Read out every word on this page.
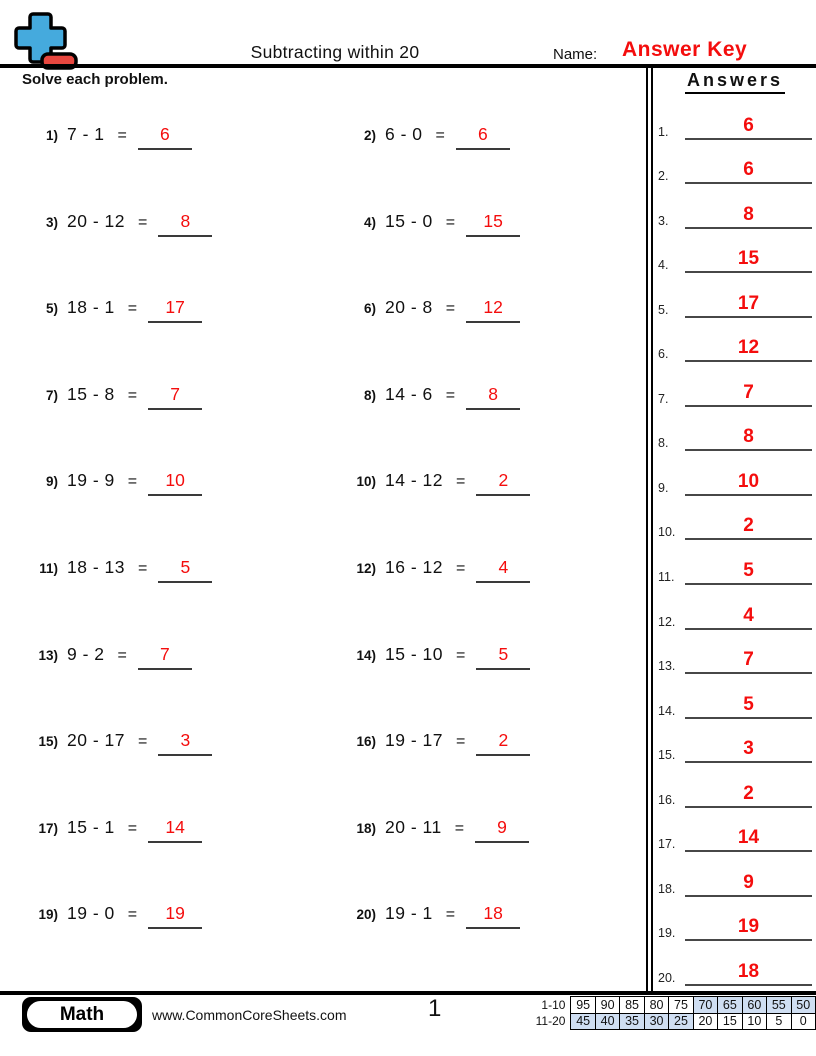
Subtracting within 20	Name: Answer Key
Solve each problem.
1) 7 - 1 =	6	2) 6 - 0 =	6
3) 20 - 12 =	8	4) 15 - 0 =	15
5) 18 - 1 =	17	6) 20 - 8 =	12
7) 15 - 8 =	7	8) 14 - 6 =	8
9) 19 - 9 =	10	10) 14 - 12 =	2
11) 18 - 13 =	5	12) 16 - 12 =	4
13) 9 - 2 =	7	14) 15 - 10 =	5
15) 20 - 17 =	3	16) 19 - 17 =	2
17) 15 - 1 =	14	18) 20 - 11 =	9
19) 19 - 0 =	19	20) 19 - 1 =	18
Answers
1.	6
2.	6
3.	8
4.	15
5.	17
6.	12
7.	7
8.	8
9.	10
10.	2
11.	5
12.	4
13.	7
14.	5
15.	3
16.	2
17.	14
18.	9
19.	19
20.	18
Math	www.CommonCoreSheets.com	1	1-10	95	90	85	80	75	70	65	60	55	50
11-20	45	40	35	30	25	20	15	10	5	0
